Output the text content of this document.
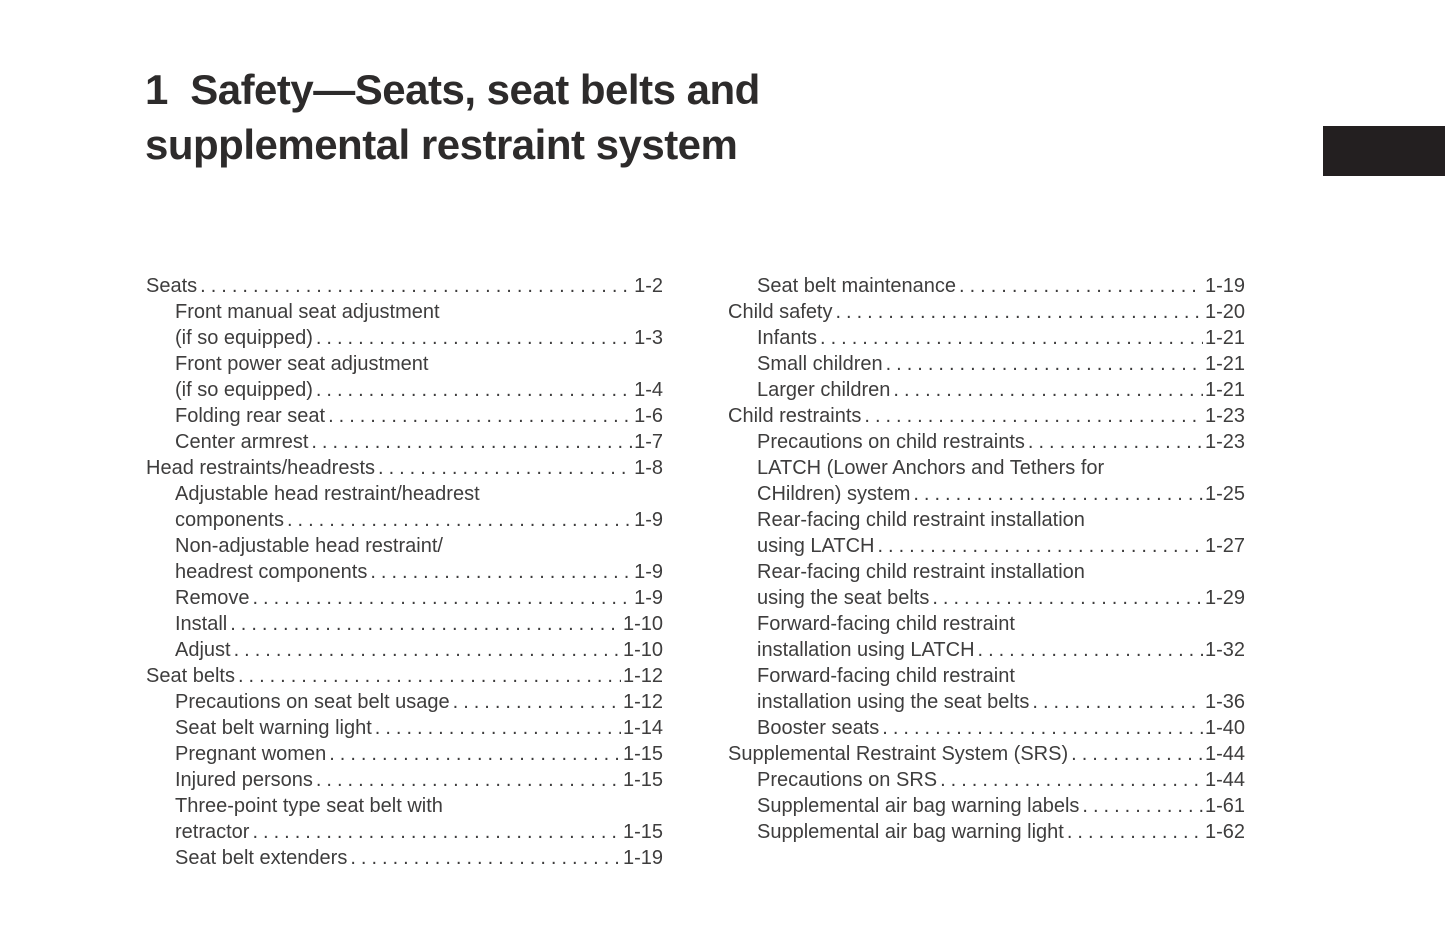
1  Safety—Seats, seat belts and
supplemental restraint system
Seats .....	1-2
Front manual seat adjustment
(if so equipped) .....	1-3
Front power seat adjustment
(if so equipped) .....	1-4
Folding rear seat .....	1-6
Center armrest .....	1-7
Head restraints/headrests .....	1-8
Adjustable head restraint/headrest
components .....	1-9
Non-adjustable head restraint/
headrest components .....	1-9
Remove .....	1-9
Install .....	1-10
Adjust .....	1-10
Seat belts .....	1-12
Precautions on seat belt usage .....	1-12
Seat belt warning light .....	1-14
Pregnant women .....	1-15
Injured persons .....	1-15
Three-point type seat belt with
retractor .....	1-15
Seat belt extenders .....	1-19
Seat belt maintenance .....	1-19
Child safety .....	1-20
Infants .....	1-21
Small children .....	1-21
Larger children .....	1-21
Child restraints .....	1-23
Precautions on child restraints .....	1-23
LATCH (Lower Anchors and Tethers for
CHildren) system .....	1-25
Rear-facing child restraint installation
using LATCH .....	1-27
Rear-facing child restraint installation
using the seat belts .....	1-29
Forward-facing child restraint
installation using LATCH .....	1-32
Forward-facing child restraint
installation using the seat belts .....	1-36
Booster seats .....	1-40
Supplemental Restraint System (SRS) .....	1-44
Precautions on SRS .....	1-44
Supplemental air bag warning labels .....	1-61
Supplemental air bag warning light .....	1-62
